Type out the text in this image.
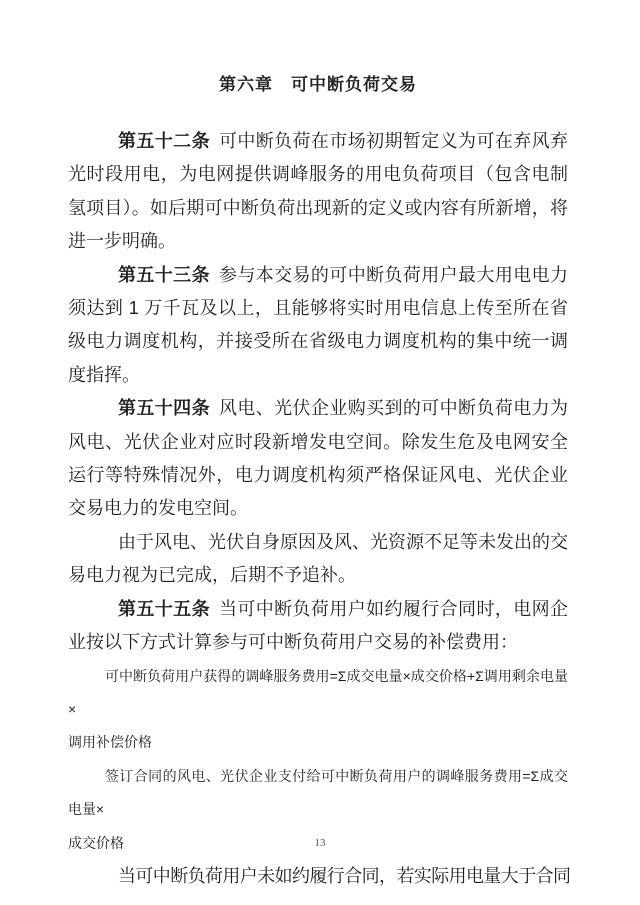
第六章　可中断负荷交易

第五十二条 可中断负荷在市场初期暂定义为可在弃风弃光时段用电，为电网提供调峰服务的用电负荷项目（包含电制氢项目）。如后期可中断负荷出现新的定义或内容有所新增，将进一步明确。

第五十三条 参与本交易的可中断负荷用户最大用电电力须达到 1 万千瓦及以上，且能够将实时用电信息上传至所在省级电力调度机构，并接受所在省级电力调度机构的集中统一调度指挥。

第五十四条 风电、光伏企业购买到的可中断负荷电力为风电、光伏企业对应时段新增发电空间。除发生危及电网安全运行等特殊情况外，电力调度机构须严格保证风电、光伏企业交易电力的发电空间。

由于风电、光伏自身原因及风、光资源不足等未发出的交易电力视为已完成，后期不予追补。

第五十五条 当可中断负荷用户如约履行合同时，电网企业按以下方式计算参与可中断负荷用户交易的补偿费用：

可中断负荷用户获得的调峰服务费用=Σ成交电量×成交价格+Σ调用剩余电量×
调用补偿价格

签订合同的风电、光伏企业支付给可中断负荷用户的调峰服务费用=Σ成交电量×
成交价格

当可中断负荷用户未如约履行合同，若实际用电量大于合同

13
